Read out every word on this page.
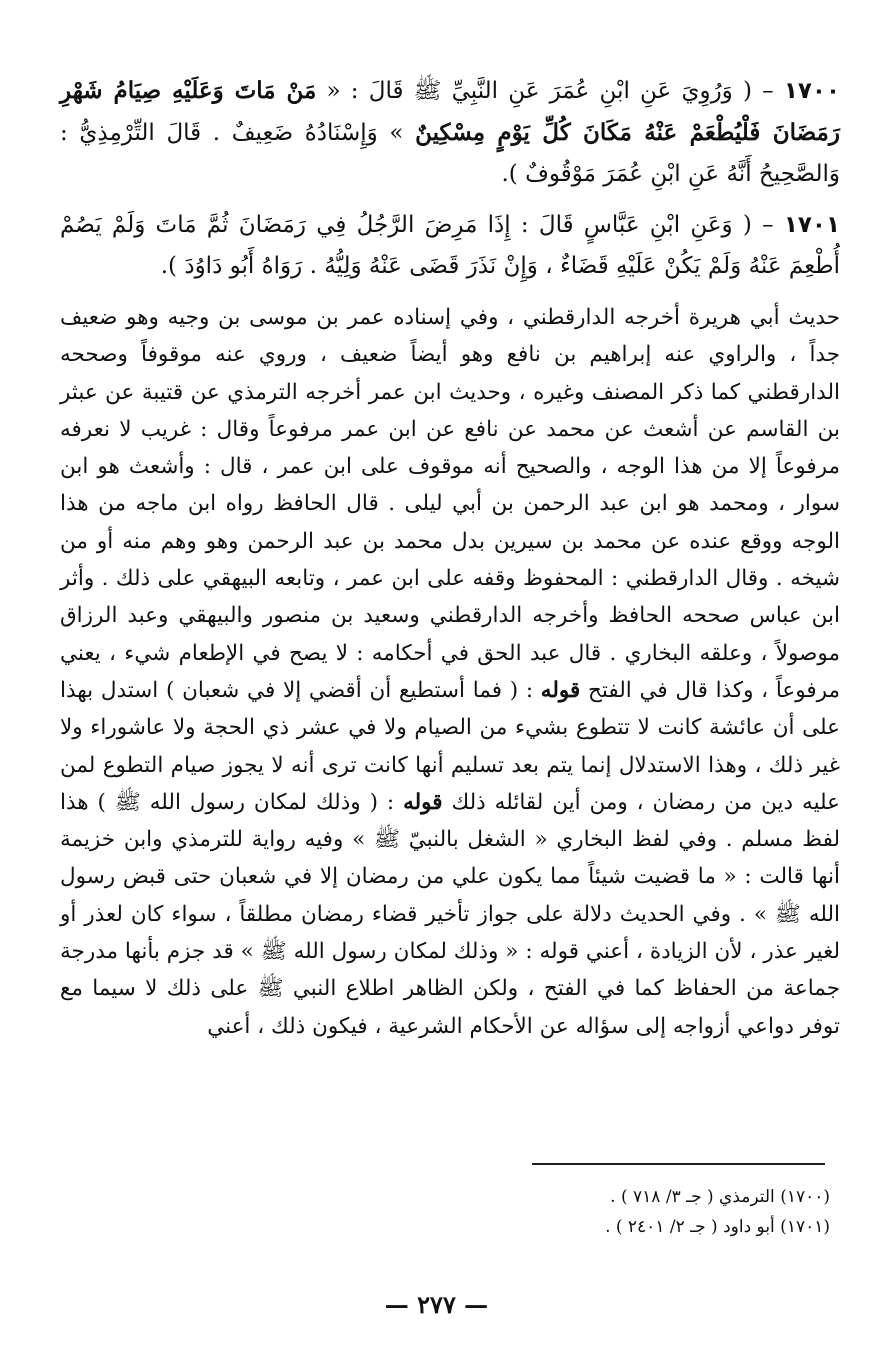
١٧٠٠ – ( وَرُوِيَ عَنِ ابْنِ عُمَرَ عَنِ النَّبِيِّ ﷺ قَالَ : « مَنْ مَاتَ وَعَلَيْهِ صِيَامُ شَهْرِ رَمَضَانَ فَلْيُطْعَمْ عَنْهُ مَكَانَ كُلِّ يَوْمٍ مِسْكِينٌ » وَإِسْنَادُهُ ضَعِيفٌ . قَالَ التِّرْمِذِيُّ : وَالصَّحِيحُ أَنَّهُ عَنِ ابْنِ عُمَرَ مَوْقُوفٌ ).

١٧٠١ – ( وَعَنِ ابْنِ عَبَّاسٍ قَالَ : إِذَا مَرِضَ الرَّجُلُ فِي رَمَضَانَ ثُمَّ مَاتَ وَلَمْ يَصُمْ أُطْعِمَ عَنْهُ وَلَمْ يَكُنْ عَلَيْهِ قَضَاءٌ ، وَإِنْ نَذَرَ قَضَى عَنْهُ وَلِيُّهُ . رَوَاهُ أَبُو دَاوُدَ ).

حديث أبي هريرة أخرجه الدارقطني ، وفي إسناده عمر بن موسى بن وجيه وهو ضعيف جداً ، والراوي عنه إبراهيم بن نافع وهو أيضاً ضعيف ، وروي عنه موقوفاً وصححه الدارقطني كما ذكر المصنف وغيره ، وحديث ابن عمر أخرجه الترمذي عن قتيبة عن عبثر بن القاسم عن أشعث عن محمد عن نافع عن ابن عمر مرفوعاً وقال : غريب لا نعرفه مرفوعاً إلا من هذا الوجه ، والصحيح أنه موقوف على ابن عمر ، قال : وأشعث هو ابن سوار ، ومحمد هو ابن عبد الرحمن بن أبي ليلى . قال الحافظ رواه ابن ماجه من هذا الوجه ووقع عنده عن محمد بن سيرين بدل محمد بن عبد الرحمن وهو وهم منه أو من شيخه . وقال الدارقطني : المحفوظ وقفه على ابن عمر ، وتابعه البيهقي على ذلك . وأثر ابن عباس صححه الحافظ وأخرجه الدارقطني وسعيد بن منصور والبيهقي وعبد الرزاق موصولاً ، وعلقه البخاري . قال عبد الحق في أحكامه : لا يصح في الإطعام شيء ، يعني مرفوعاً ، وكذا قال في الفتح قوله : ( فما أستطيع أن أقضي إلا في شعبان ) استدل بهذا على أن عائشة كانت لا تتطوع بشيء من الصيام ولا في عشر ذي الحجة ولا عاشوراء ولا غير ذلك ، وهذا الاستدلال إنما يتم بعد تسليم أنها كانت ترى أنه لا يجوز صيام التطوع لمن عليه دين من رمضان ، ومن أين لقائله ذلك قوله : ( وذلك لمكان رسول الله ﷺ ) هذا لفظ مسلم . وفي لفظ البخاري « الشغل بالنبيّ ﷺ » وفيه رواية للترمذي وابن خزيمة أنها قالت : « ما قضيت شيئاً مما يكون علي من رمضان إلا في شعبان حتى قبض رسول الله ﷺ » . وفي الحديث دلالة على جواز تأخير قضاء رمضان مطلقاً ، سواء كان لعذر أو لغير عذر ، لأن الزيادة ، أعني قوله : « وذلك لمكان رسول الله ﷺ » قد جزم بأنها مدرجة جماعة من الحفاظ كما في الفتح ، ولكن الظاهر اطلاع النبي ﷺ على ذلك لا سيما مع توفر دواعي أزواجه إلى سؤاله عن الأحكام الشرعية ، فيكون ذلك ، أعني

(١٧٠٠) الترمذي ( جـ ٣/ ٧١٨ ) .
(١٧٠١) أبو داود ( جـ ٢/ ٢٤٠١ ) .
— ٢٧٧ —
